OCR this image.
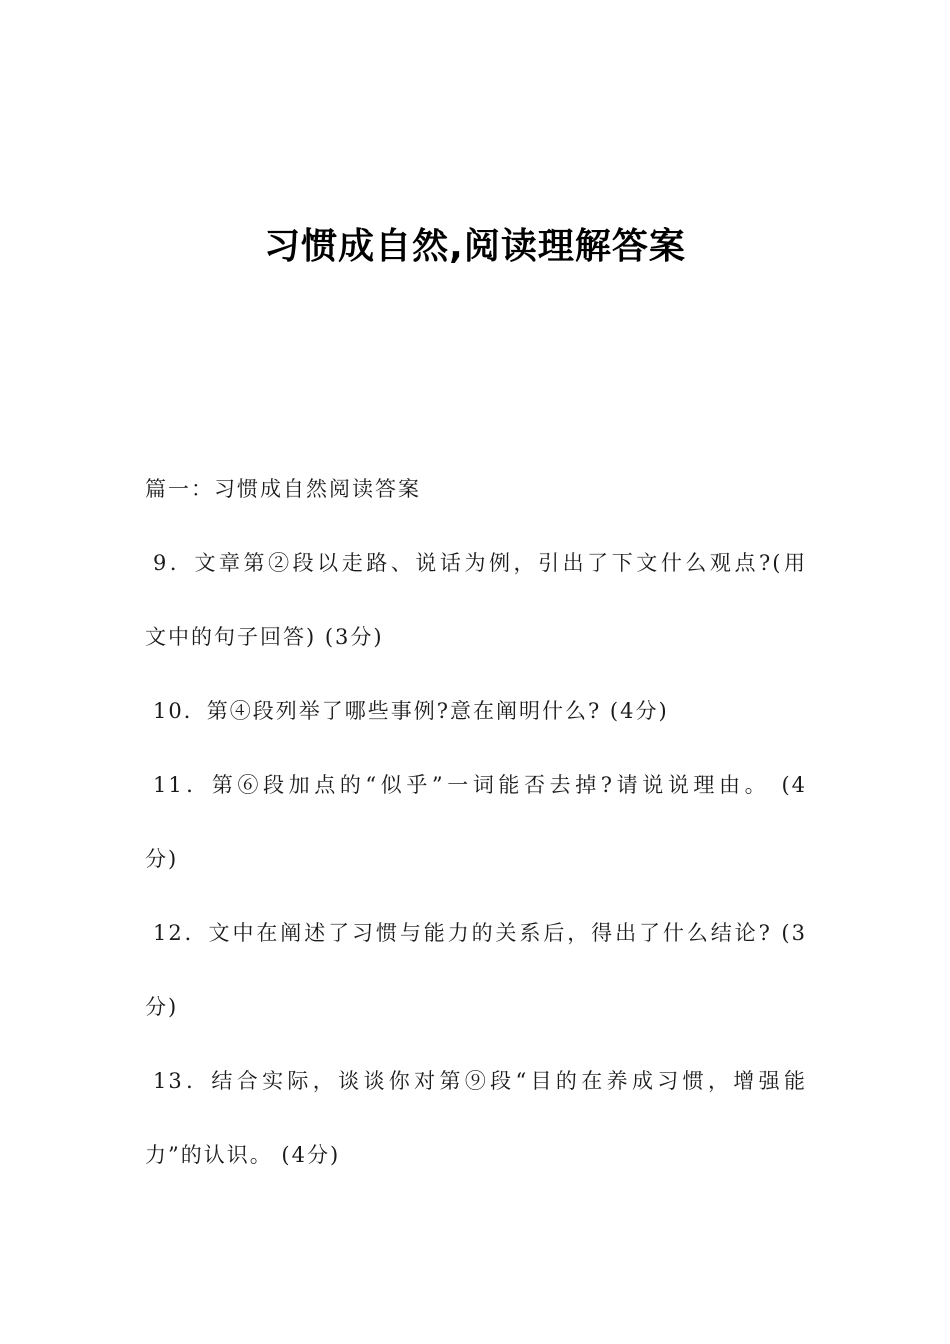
习惯成自然,阅读理解答案
篇一：习惯成自然阅读答案
9．文章第②段以走路、说话为例，引出了下文什么观点?(用
文中的句子回答) (3分)
10．第④段列举了哪些事例?意在阐明什么? (4分)
11．第⑥段加点的“似乎”一词能否去掉?请说说理由。 (4
分)
12．文中在阐述了习惯与能力的关系后，得出了什么结论? (3
分)
13．结合实际，谈谈你对第⑨段“目的在养成习惯，增强能
力”的认识。 (4分)
